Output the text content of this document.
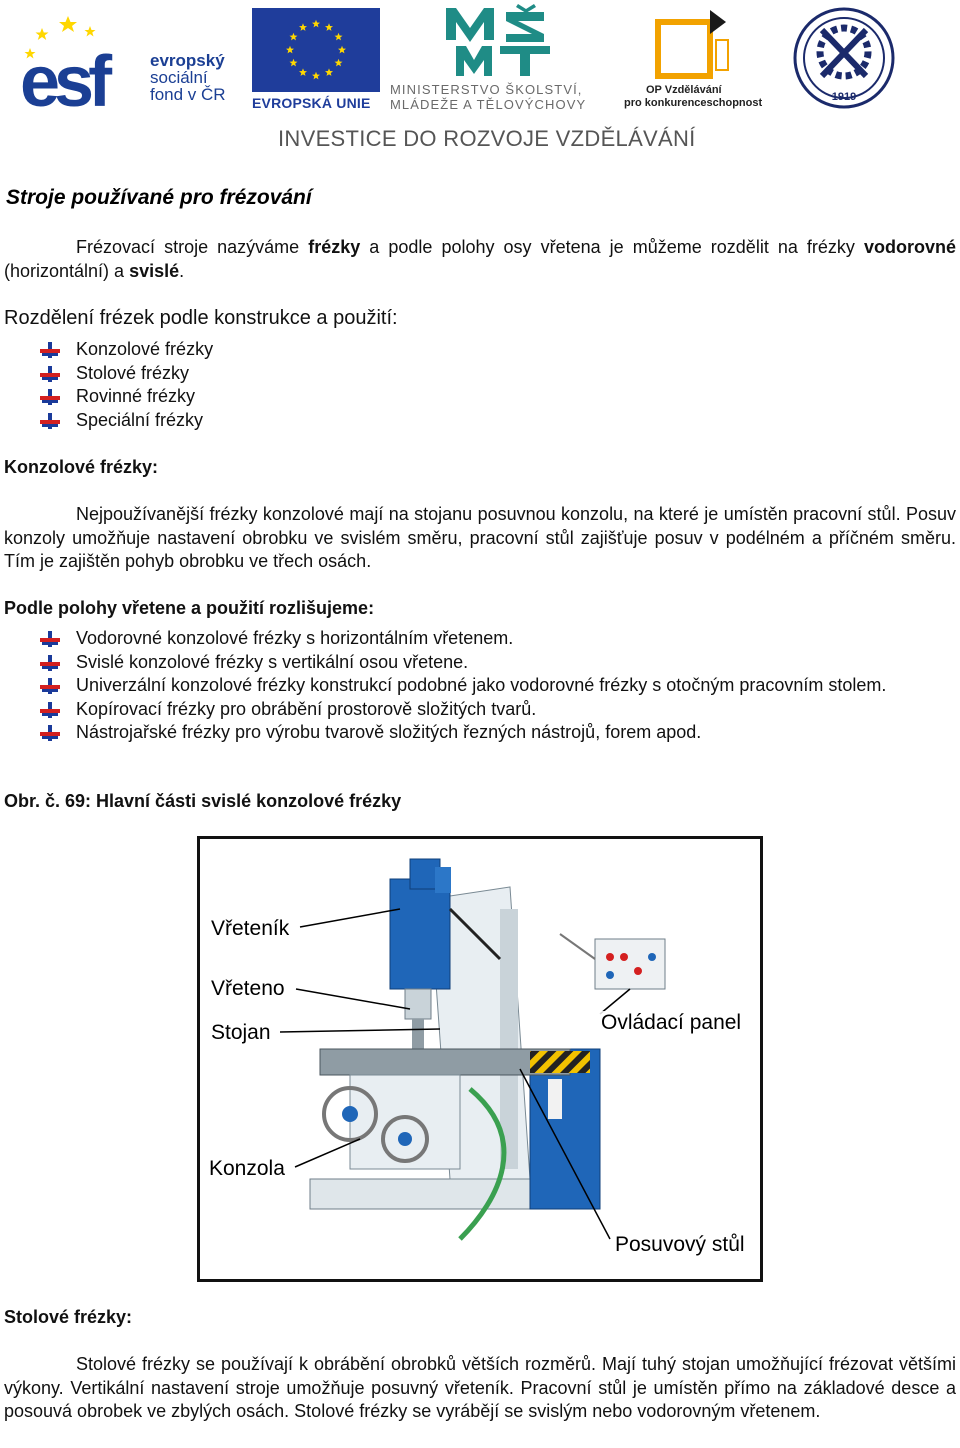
esf	evropský
sociální
fond v ČR EVROPSKÁ UNIE
MINISTERSTVO ŠKOLSTVÍ,
MLÁDEŽE A TĚLOVÝCHOVY
OP Vzdělávání
pro konkurenceschopnost	1919
INVESTICE DO ROZVOJE VZDĚLÁVÁNÍ
Stroje používané pro frézování
Frézovací stroje nazýváme frézky a podle polohy osy vřetena je můžeme rozdělit na frézky vodorovné (horizontální) a svislé.
Rozdělení frézek podle konstrukce a použití:
Konzolové frézky
Stolové frézky
Rovinné frézky
Speciální frézky
Konzolové frézky:
Nejpoužívanější frézky konzolové mají na stojanu posuvnou konzolu, na které je umístěn pracovní stůl. Posuv konzoly umožňuje nastavení obrobku ve svislém směru, pracovní stůl zajišťuje posuv v podélném a příčném směru. Tím je zajištěn pohyb obrobku ve třech osách.
Podle polohy vřetene a použití rozlišujeme:
Vodorovné konzolové frézky s horizontálním vřetenem.
Svislé konzolové frézky s vertikální osou vřetene.
Univerzální konzolové frézky konstrukcí podobné jako vodorovné frézky s otočným pracovním stolem.
Kopírovací frézky pro obrábění prostorově složitých tvarů.
Nástrojařské frézky pro výrobu tvarově složitých řezných nástrojů, forem apod.
Obr. č. 69: Hlavní části svislé konzolové frézky
Vřeteník
Vřeteno
Stojan	Ovládací panel
Konzola
Posuvový stůl
Stolové frézky:
Stolové frézky se používají k obrábění obrobků větších rozměrů. Mají tuhý stojan umožňující frézovat většími výkony. Vertikální nastavení stroje umožňuje posuvný vřeteník. Pracovní stůl je umístěn přímo na základové desce a posouvá obrobek ve zbylých osách. Stolové frézky se vyrábějí se svislým nebo vodorovným vřetenem.
